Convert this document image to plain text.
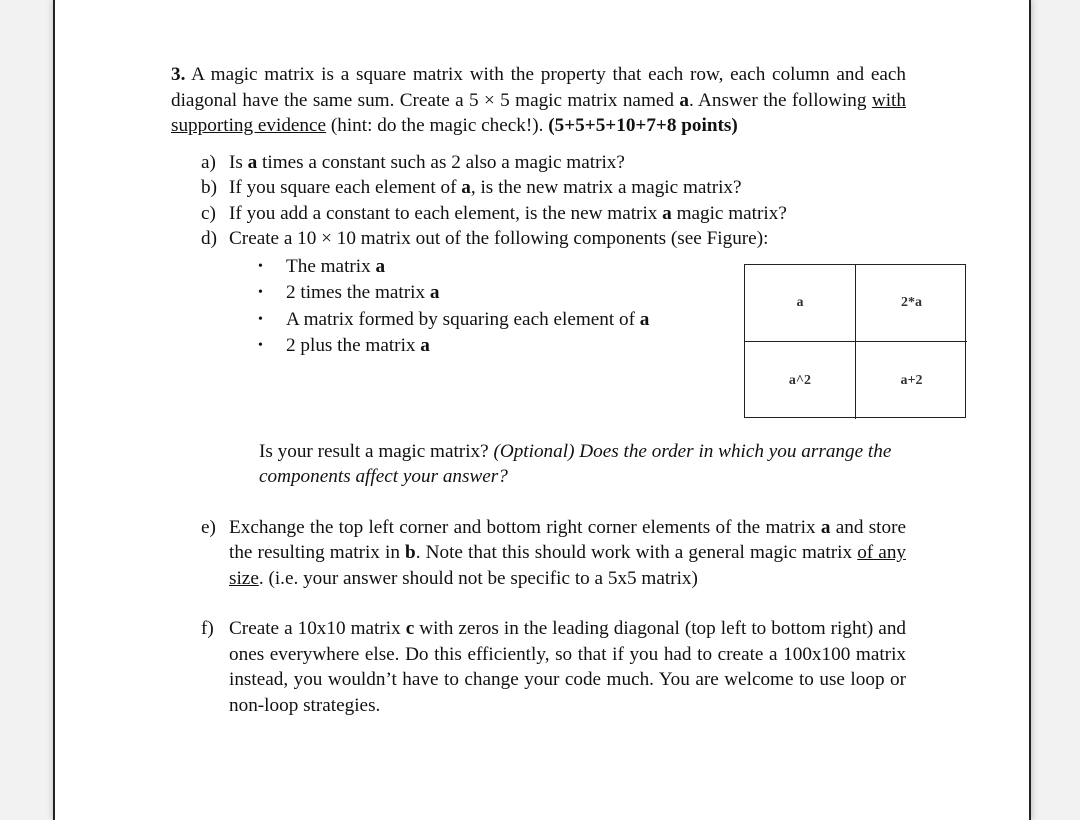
3. A magic matrix is a square matrix with the property that each row, each column and each diagonal have the same sum. Create a 5 × 5 magic matrix named a. Answer the following with supporting evidence (hint: do the magic check!). (5+5+5+10+7+8 points)
a) Is a times a constant such as 2 also a magic matrix?
b) If you square each element of a, is the new matrix a magic matrix?
c) If you add a constant to each element, is the new matrix a magic matrix?
d) Create a 10 × 10 matrix out of the following components (see Figure):
• The matrix a
• 2 times the matrix a
• A matrix formed by squaring each element of a
• 2 plus the matrix a
Is your result a magic matrix? (Optional) Does the order in which you arrange the components affect your answer?
a	2*a
a^2	a+2
e) Exchange the top left corner and bottom right corner elements of the matrix a and store the resulting matrix in b. Note that this should work with a general magic matrix of any size. (i.e. your answer should not be specific to a 5x5 matrix)
f) Create a 10x10 matrix c with zeros in the leading diagonal (top left to bottom right) and ones everywhere else. Do this efficiently, so that if you had to create a 100x100 matrix instead, you wouldn’t have to change your code much. You are welcome to use loop or non-loop strategies.
